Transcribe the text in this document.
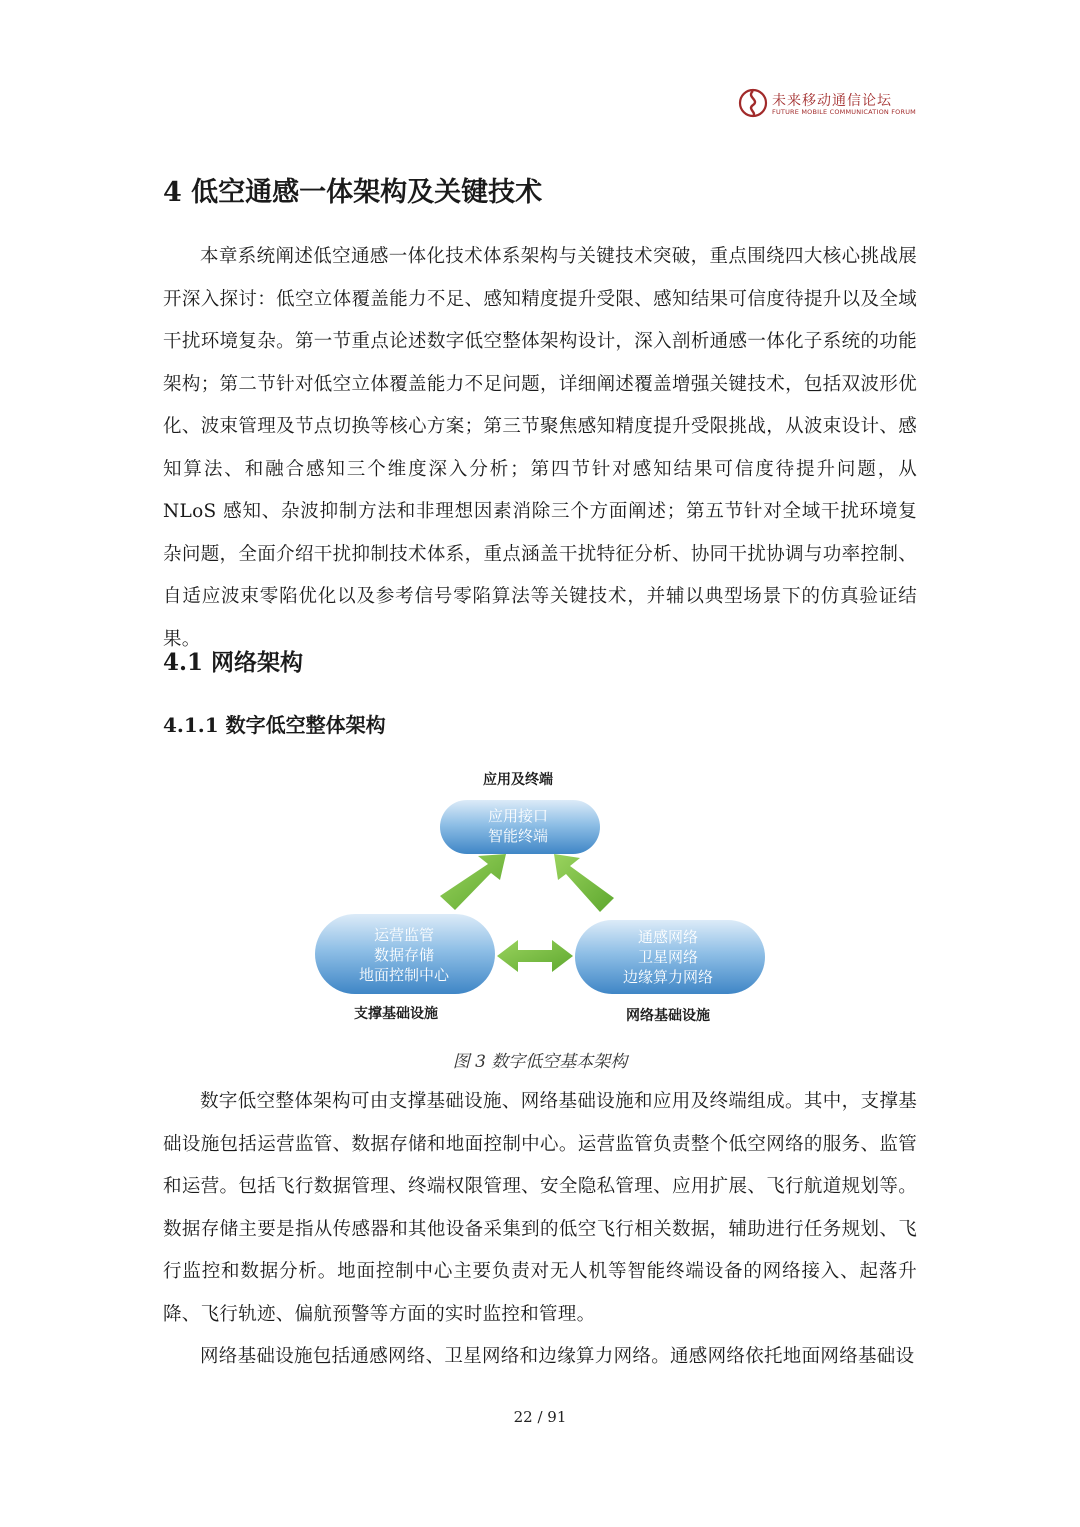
未来移动通信论坛
FUTURE MOBILE COMMUNICATION FORUM
4 低空通感一体架构及关键技术

本章系统阐述低空通感一体化技术体系架构与关键技术突破，重点围绕四大核心挑战展开深入探讨：低空立体覆盖能力不足、感知精度提升受限、感知结果可信度待提升以及全域干扰环境复杂。第一节重点论述数字低空整体架构设计，深入剖析通感一体化子系统的功能架构；第二节针对低空立体覆盖能力不足问题，详细阐述覆盖增强关键技术，包括双波形优化、波束管理及节点切换等核心方案；第三节聚焦感知精度提升受限挑战，从波束设计、感知算法、和融合感知三个维度深入分析；第四节针对感知结果可信度待提升问题，从 NLoS 感知、杂波抑制方法和非理想因素消除三个方面阐述；第五节针对全域干扰环境复杂问题，全面介绍干扰抑制技术体系，重点涵盖干扰特征分析、协同干扰协调与功率控制、自适应波束零陷优化以及参考信号零陷算法等关键技术，并辅以典型场景下的仿真验证结果。

4.1 网络架构
4.1.1 数字低空整体架构
应用及终端
应用接口
智能终端
运营监管
数据存储
地面控制中心
通感网络
卫星网络
边缘算力网络
支撑基础设施	网络基础设施
图 3 数字低空基本架构

数字低空整体架构可由支撑基础设施、网络基础设施和应用及终端组成。其中，支撑基础设施包括运营监管、数据存储和地面控制中心。运营监管负责整个低空网络的服务、监管和运营。包括飞行数据管理、终端权限管理、安全隐私管理、应用扩展、飞行航道规划等。数据存储主要是指从传感器和其他设备采集到的低空飞行相关数据，辅助进行任务规划、飞行监控和数据分析。地面控制中心主要负责对无人机等智能终端设备的网络接入、起落升降、飞行轨迹、偏航预警等方面的实时监控和管理。

网络基础设施包括通感网络、卫星网络和边缘算力网络。通感网络依托地面网络基础设

22 / 91
